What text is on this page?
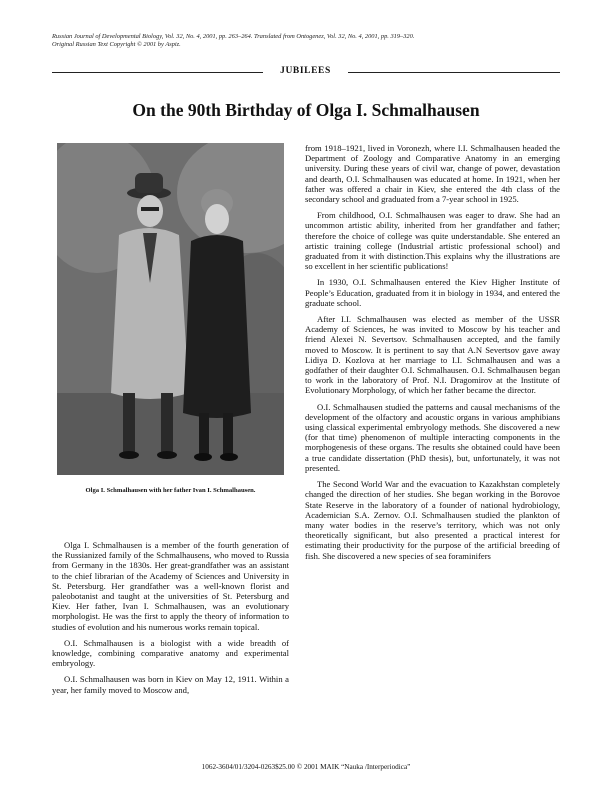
Russian Journal of Developmental Biology, Vol. 32, No. 4, 2001, pp. 263–264. Translated from Ontogenez, Vol. 32, No. 4, 2001, pp. 319–320.
Original Russian Text Copyright © 2001 by Aspiz.
JUBILEES
On the 90th Birthday of Olga I. Schmalhausen
Olga I. Schmalhausen with her father Ivan I. Schmalhausen.

Olga I. Schmalhausen is a member of the fourth generation of the Russianized family of the Schmalhausens, who moved to Russia from Germany in the 1830s. Her great-grandfather was an assistant to the chief librarian of the Academy of Sciences and University in St. Petersburg. Her grandfather was a well-known florist and paleobotanist and taught at the universities of St. Petersburg and Kiev. Her father, Ivan I. Schmalhausen, was an evolutionary morphologist. He was the first to apply the theory of information to studies of evolution and his numerous works remain topical.

O.I. Schmalhausen is a biologist with a wide breadth of knowledge, combining comparative anatomy and experimental embryology.

O.I. Schmalhausen was born in Kiev on May 12, 1911. Within a year, her family moved to Moscow and,

from 1918–1921, lived in Voronezh, where I.I. Schmalhausen headed the Department of Zoology and Comparative Anatomy in an emerging university. During these years of civil war, change of power, devastation and dearth, O.I. Schmalhausen was educated at home. In 1921, when her father was offered a chair in Kiev, she entered the 4th class of the secondary school and graduated from a 7-year school in 1925.

From childhood, O.I. Schmalhausen was eager to draw. She had an uncommon artistic ability, inherited from her grandfather and father; therefore the choice of college was quite understandable. She entered an artistic training college (Industrial artistic professional school) and graduated from it with distinction.This explains why the illustrations are so excellent in her scientific publications!

In 1930, O.I. Schmalhausen entered the Kiev Higher Institute of People’s Education, graduated from it in biology in 1934, and entered the graduate school.

After I.I. Schmalhausen was elected as member of the USSR Academy of Sciences, he was invited to Moscow by his teacher and friend Alexei N. Severtsov. Schmalhausen accepted, and the family moved to Moscow. It is pertinent to say that A.N Severtsov gave away Lidiya D. Kozlova at her marriage to I.I. Schmalhausen and was a godfather of their daughter O.I. Schmalhausen. O.I. Schmalhausen began to work in the laboratory of Prof. N.I. Dragomirov at the Institute of Evolutionary Morphology, of which her father became the director.

O.I. Schmalhausen studied the patterns and causal mechanisms of the development of the olfactory and acoustic organs in various amphibians using classical experimental embryology methods. She discovered a new (for that time) phenomenon of multiple interacting components in the morphogenesis of these organs. The results she obtained could have been a true candidate dissertation (PhD thesis), but, unfortunately, it was not presented.

The Second World War and the evacuation to Kazakhstan completely changed the direction of her studies. She began working in the Borovoe State Reserve in the laboratory of a founder of national hydrobiology, Academician S.A. Zernov. O.I. Schmalhausen studied the plankton of many water bodies in the reserve’s territory, which was not only theoretically significant, but also presented a practical interest for estimating their productivity for the purpose of the artificial breeding of fish. She discovered a new species of sea foraminifers

1062-3604/01/3204-0263$25.00 © 2001 MAIK “Nauka /Interperiodica”
